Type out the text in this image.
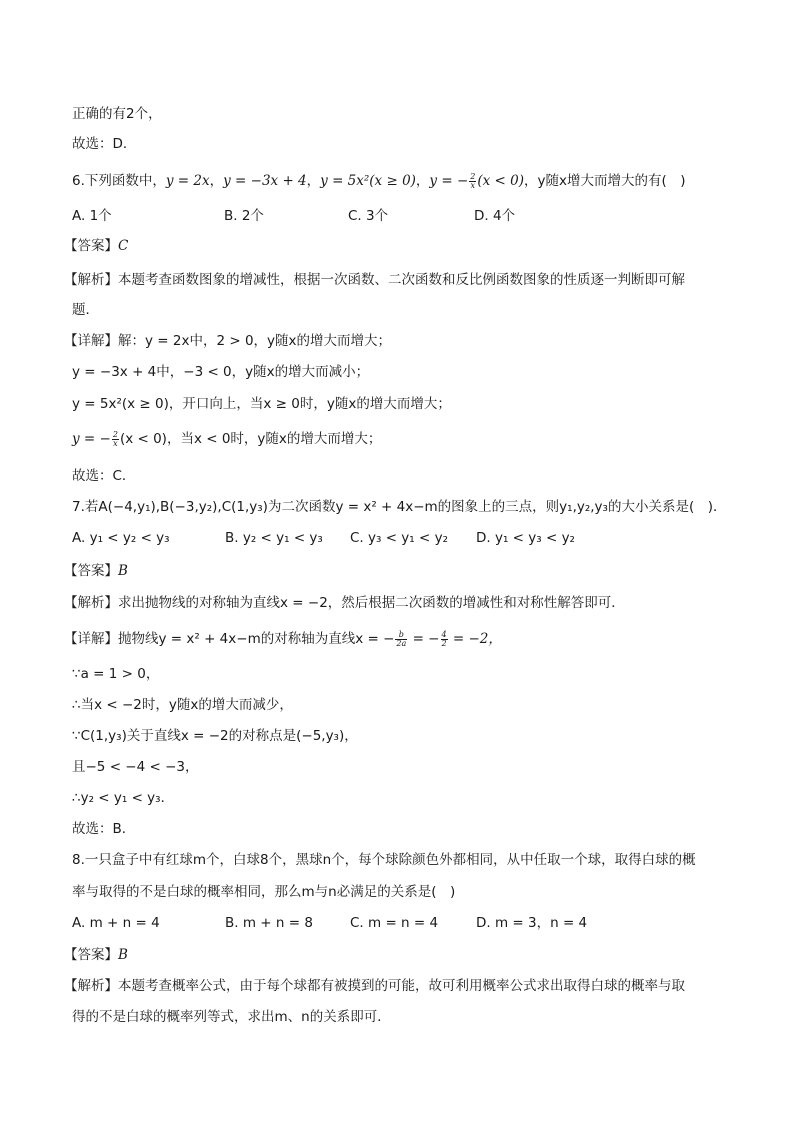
正确的有2个，
故选：D．
6.下列函数中，y = 2x，y = −3x + 4，y = 5x²(x ≥ 0)，y = − $\frac{2}{x} (x < 0)$，y随x增大而增大的有(　)
A. 1个	B. 2个	C. 3个	D. 4个
【答案】C
【解析】本题考查函数图象的增减性，根据一次函数、二次函数和反比例函数图象的性质逐一判断即可解
题．
【详解】解：y = 2x中，2 > 0，y随x的增大而增大；
y = −3x + 4中，−3 < 0，y随x的增大而减小；
y = 5x²(x ≥ 0)，开口向上，当x ≥ 0时，y随x的增大而增大；
y = − $\frac{2}{x} (x < 0)$，当x < 0时，y随x的增大而增大；
故选：C．
7.若A(−4,y₁),B(−3,y₂),C(1,y₃)为二次函数y = x² + 4x−m的图象上的三点，则y₁,y₂,y₃的大小关系是(　)．
A. y₁ < y₂ < y₃	B. y₂ < y₁ < y₃ C. y₃ < y₁ < y₂ D. y₁ < y₃ < y₂
【答案】B
【解析】求出抛物线的对称轴为直线x = −2，然后根据二次函数的增减性和对称性解答即可．
【详解】抛物线y = x² + 4x−m的对称轴为直线x = − $\frac{b}{2a}$ = − $\frac{4}{2} = -2$，
∵a = 1 > 0，
∴当x < −2时，y随x的增大而减少，
∵C(1,y₃)关于直线x = −2的对称点是(−5,y₃)，
且−5 < −4 < −3，
∴y₂ < y₁ < y₃．
故选：B．
8.一只盒子中有红球m个，白球8个，黑球n个，每个球除颜色外都相同，从中任取一个球，取得白球的概
率与取得的不是白球的概率相同，那么m与n必满足的关系是(　)
A. m + n = 4	B. m + n = 8	C. m = n = 4	D. m = 3，n = 4
【答案】B
【解析】本题考查概率公式，由于每个球都有被摸到的可能，故可利用概率公式求出取得白球的概率与取
得的不是白球的概率列等式，求出m、n的关系即可．
